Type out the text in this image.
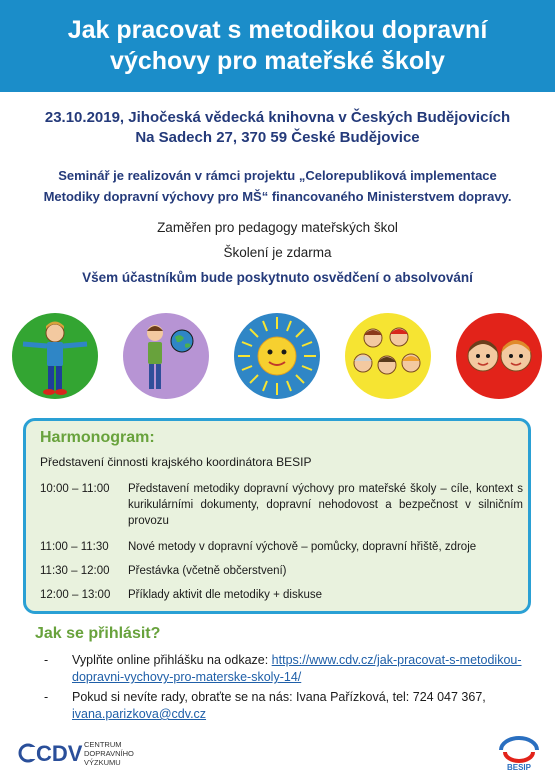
Jak pracovat s metodikou dopravní
výchovy pro mateřské školy
23.10.2019, Jihočeská vědecká knihovna v Českých Budějovicích
Na Sadech 27, 370 59 České Budějovice
Seminář je realizován v rámci projektu „Celorepubliková implementace
Metodiky dopravní výchovy pro MŠ“ financovaného Ministerstvem dopravy.
Zaměřen pro pedagogy mateřských škol
Školení je zdarma
Všem účastníkům bude poskytnuto osvědčení o absolvování
Harmonogram:
Představení činnosti krajského koordinátora BESIP
10:00 – 11:00	Představení metodiky dopravní výchovy pro mateřské školy – cíle, kontext s kurikulárními dokumenty, dopravní nehodovost a bezpečnost v silničním provozu
11:00 – 11:30	Nové metody v dopravní výchově – pomůcky, dopravní hřiště, zdroje
11:30 – 12:00	Přestávka (včetně občerstvení)
12:00 – 13:00	Příklady aktivit dle metodiky + diskuse
Jak se přihlásit?
- Vyplňte online přihlášku na odkaze: https://www.cdv.cz/jak-pracovat-s-metodikou-dopravni-vychovy-pro-materske-skoly-14/
- Pokud si nevíte rady, obraťte se na nás: Ivana Pařízková, tel: 724 047 367, ivana.parizkova@cdv.cz
CDV CENTRUM
DOPRAVNÍHO
VÝZKUMU
BESIP
